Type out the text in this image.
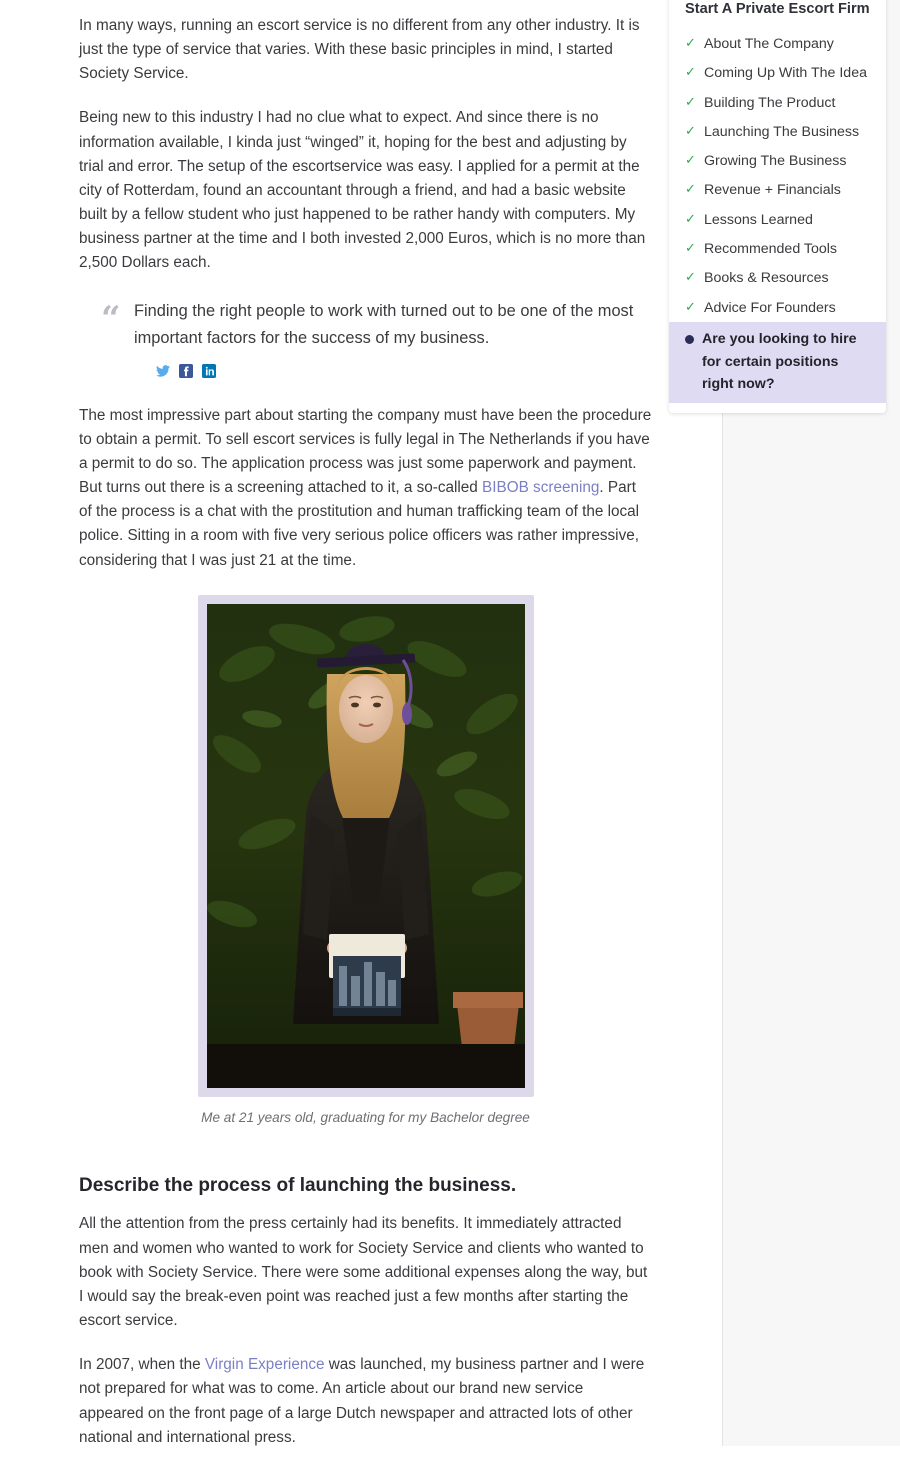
In many ways, running an escort service is no different from any other industry. It is just the type of service that varies. With these basic principles in mind, I started Society Service.

Being new to this industry I had no clue what to expect. And since there is no information available, I kinda just “winged” it, hoping for the best and adjusting by trial and error. The setup of the escortservice was easy. I applied for a permit at the city of Rotterdam, found an accountant through a friend, and had a basic website built by a fellow student who just happened to be rather handy with computers. My business partner at the time and I both invested 2,000 Euros, which is no more than 2,500 Dollars each.

“ Finding the right people to work with turned out to be one of the most important factors for the success of my business.

The most impressive part about starting the company must have been the procedure to obtain a permit. To sell escort services is fully legal in The Netherlands if you have a permit to do so. The application process was just some paperwork and payment. But turns out there is a screening attached to it, a so-called BIBOB screening. Part of the process is a chat with the prostitution and human trafficking team of the local police. Sitting in a room with five very serious police officers was rather impressive, considering that I was just 21 at the time.

Me at 21 years old, graduating for my Bachelor degree
Describe the process of launching the business.

All the attention from the press certainly had its benefits. It immediately attracted men and women who wanted to work for Society Service and clients who wanted to book with Society Service. There were some additional expenses along the way, but I would say the break-even point was reached just a few months after starting the escort service.

In 2007, when the Virgin Experience was launched, my business partner and I were not prepared for what was to come. An article about our brand new service appeared on the front page of a large Dutch newspaper and attracted lots of other national and international press.

Start A Private Escort Firm
✓ About The Company
✓ Coming Up With The Idea
✓ Building The Product
✓ Launching The Business
✓ Growing The Business
✓ Revenue + Financials
✓ Lessons Learned
✓ Recommended Tools
✓ Books & Resources
✓ Advice For Founders
Are you looking to hire for certain positions right now?
